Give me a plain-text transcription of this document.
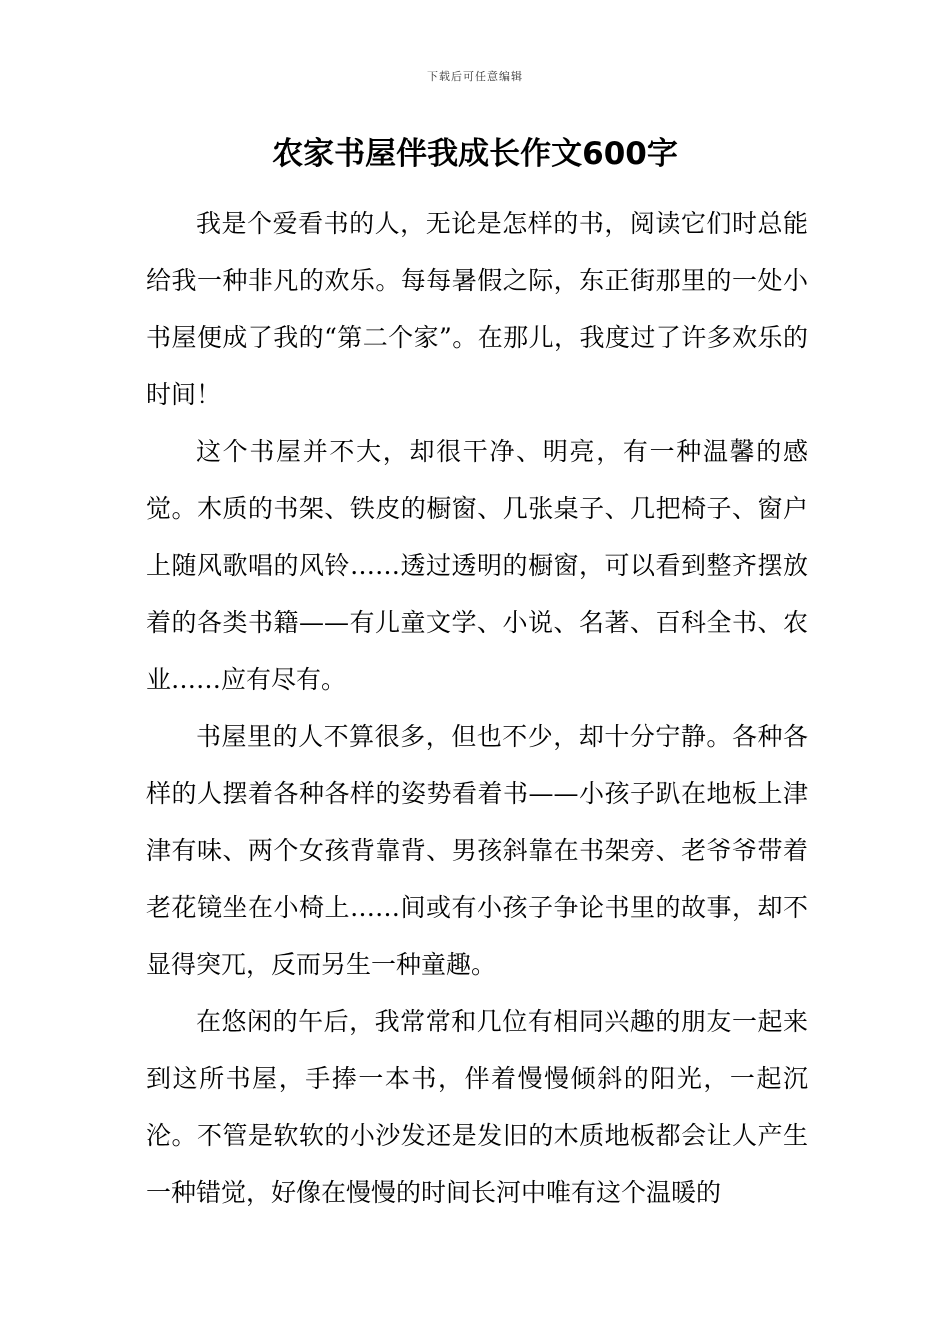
下载后可任意编辑
农家书屋伴我成长作文600字

我是个爱看书的人，无论是怎样的书，阅读它们时总能给我一种非凡的欢乐。每每暑假之际，东正街那里的一处小书屋便成了我的“第二个家”。在那儿，我度过了许多欢乐的时间！

这个书屋并不大，却很干净、明亮，有一种温馨的感觉。木质的书架、铁皮的橱窗、几张桌子、几把椅子、窗户上随风歌唱的风铃……透过透明的橱窗，可以看到整齐摆放着的各类书籍——有儿童文学、小说、名著、百科全书、农业……应有尽有。

书屋里的人不算很多，但也不少，却十分宁静。各种各样的人摆着各种各样的姿势看着书——小孩子趴在地板上津津有味、两个女孩背靠背、男孩斜靠在书架旁、老爷爷带着老花镜坐在小椅上……间或有小孩子争论书里的故事，却不显得突兀，反而另生一种童趣。

在悠闲的午后，我常常和几位有相同兴趣的朋友一起来到这所书屋，手捧一本书，伴着慢慢倾斜的阳光，一起沉沦。不管是软软的小沙发还是发旧的木质地板都会让人产生一种错觉，好像在慢慢的时间长河中唯有这个温暖的
